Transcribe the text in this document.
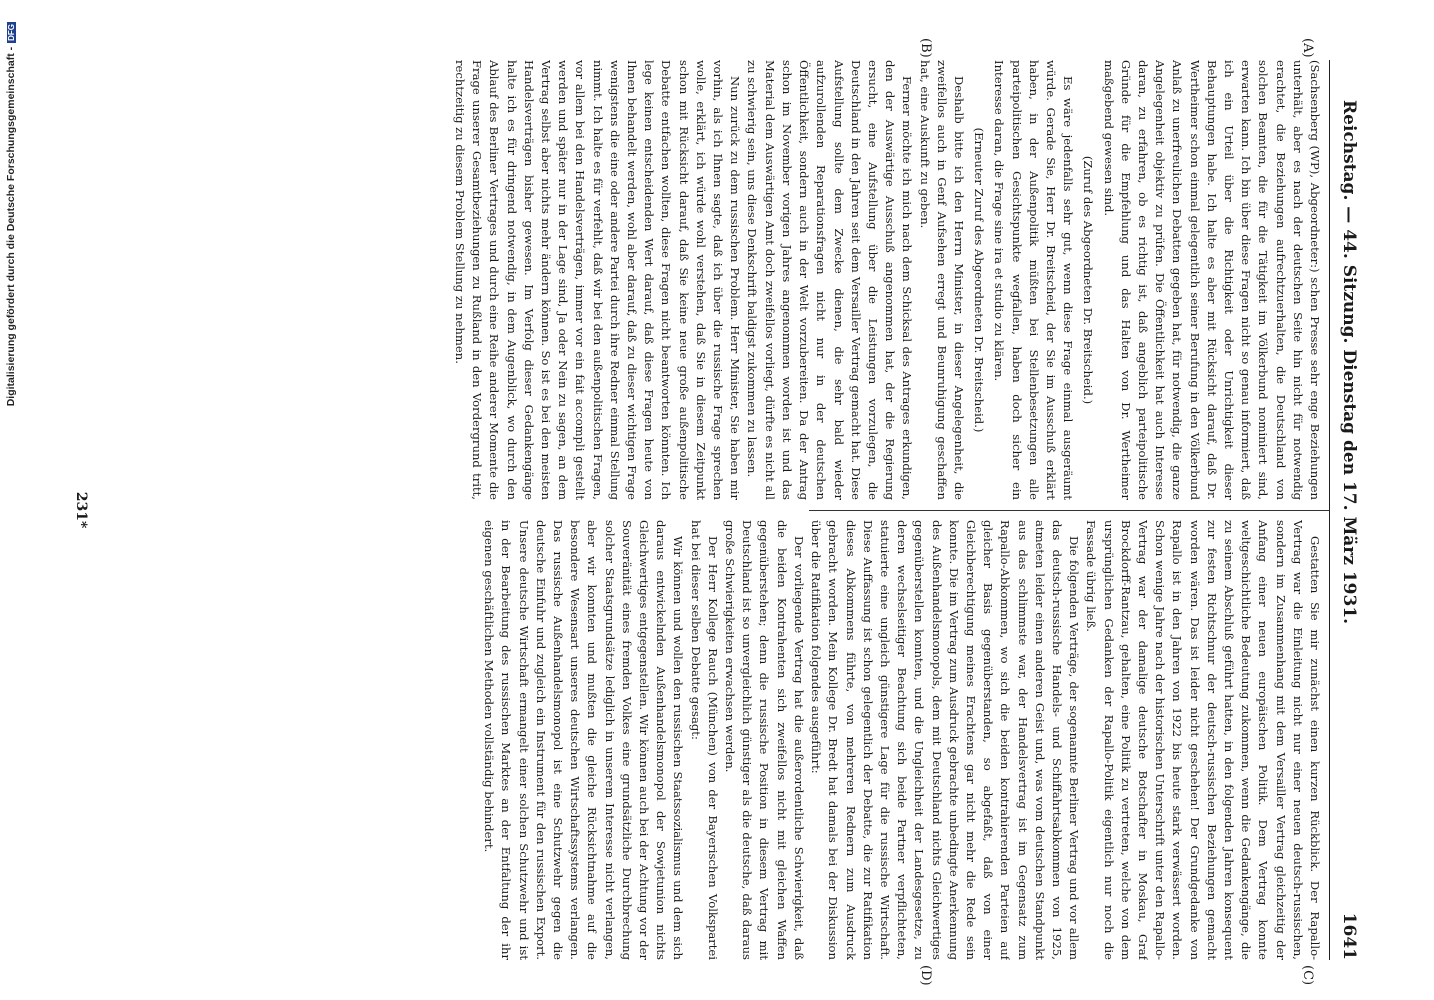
Reichstag. — 44. Sitzung. Dienstag den 17. März 1931.
1641
(A)
(B)
(C)
(D)

(Sachsenberg (WP), Abgeordneter:) schen Presse sehr enge Beziehungen unterhält, aber es nach der deutschen Seite hin nicht für notwendig erachtet, die Beziehungen aufrechtzuerhalten, die Deutschland von solchen Beamten, die für die Tätigkeit im Völkerbund nominiert sind, erwarten kann. Ich bin über diese Fragen nicht so genau informiert, daß ich ein Urteil über die Richtigkeit oder Unrichtigkeit dieser Behauptungen habe. Ich halte es aber mit Rücksicht darauf, daß Dr. Wertheimer schon einmal gelegentlich seiner Berufung in den Völkerbund Anlaß zu unerfreulichen Debatten gegeben hat, für notwendig, die ganze Angelegenheit objektiv zu prüfen. Die Öffentlichkeit hat auch Interesse daran, zu erfahren, ob es richtig ist, daß angeblich parteipolitische Gründe für die Empfehlung und das Halten von Dr. Wertheimer maßgebend gewesen sind.

(Zuruf des Abgeordneten Dr. Breitscheid.)

Es wäre jedenfalls sehr gut, wenn diese Frage einmal ausgeräumt würde. Gerade Sie, Herr Dr. Breitscheid, der Sie im Ausschuß erklärt haben, in der Außenpolitik müßten bei Stellenbesetzungen alle parteipolitischen Gesichtspunkte wegfallen, haben doch sicher ein Interesse daran, die Frage sine ira et studio zu klären.

(Erneuter Zuruf des Abgeordneten Dr. Breitscheid.)

Deshalb bitte ich den Herrn Minister, in dieser Angelegenheit, die zweifellos auch in Genf Aufsehen erregt und Beunruhigung geschaffen hat, eine Auskunft zu geben.

Ferner möchte ich mich nach dem Schicksal des Antrages erkundigen, den der Auswärtige Ausschuß angenommen hat, der die Regierung ersucht, eine Aufstellung über die Leistungen vorzulegen, die Deutschland in den Jahren seit dem Versailler Vertrag gemacht hat. Diese Aufstellung sollte dem Zwecke dienen, die sehr bald wieder aufzurollenden Reparationsfragen nicht nur in der deutschen Öffentlichkeit, sondern auch in der Welt vorzubereiten. Da der Antrag schon im November vorigen Jahres angenommen worden ist und das Material dem Auswärtigen Amt doch zweifellos vorliegt, dürfte es nicht all zu schwierig sein, uns diese Denkschrift baldigst zukommen zu lassen.

Nun zurück zu dem russischen Problem. Herr Minister, Sie haben mir vorhin, als ich Ihnen sagte, daß ich über die russische Frage sprechen wolle, erklärt, ich würde wohl verstehen, daß Sie in diesem Zeitpunkt schon mit Rücksicht darauf, daß Sie keine neue große außenpolitische Debatte entfachen wollten, diese Fragen nicht beantworten könnten. Ich lege keinen entscheidenden Wert darauf, daß diese Fragen heute von Ihnen behandelt werden, wohl aber darauf, daß zu dieser wichtigen Frage wenigstens die eine oder andere Partei durch ihre Redner einmal Stellung nimmt. Ich halte es für verfehlt, daß wir bei den außenpolitischen Fragen, vor allem bei den Handelsverträgen, immer vor ein fait accompli gestellt werden und später nur in der Lage sind, Ja oder Nein zu sagen, an dem Vertrag selbst aber nichts mehr ändern können. So ist es bei den meisten Handelsverträgen bisher gewesen. Im Verfolg dieser Gedankengänge halte ich es für dringend notwendig, in dem Augenblick, wo durch den Ablauf des Berliner Vertrages und durch eine Reihe anderer Momente die Frage unserer Gesamtbeziehungen zu Rußland in den Vordergrund tritt, rechtzeitig zu diesem Problem Stellung zu nehmen.

Gestatten Sie mir zunächst einen kurzen Rückblick. Der Rapallo-Vertrag war die Einleitung nicht nur einer neuen deutsch-russischen, sondern im Zusammenhang mit dem Versailler Vertrag gleichzeitig der Anfang einer neuen europäischen Politik. Dem Vertrag konnte weltgeschichtliche Bedeutung zukommen, wenn die Gedankengänge, die zu seinem Abschluß geführt hatten, in den folgenden Jahren konsequent zur festen Richtschnur der deutsch-russischen Beziehungen gemacht worden wären. Das ist leider nicht geschehen! Der Grundgedanke von Rapallo ist in den Jahren von 1922 bis heute stark verwässert worden. Schon wenige Jahre nach der historischen Unterschrift unter den Rapallo-Vertrag war der damalige deutsche Botschafter in Moskau, Graf Brockdorff-Rantzau, gehalten, eine Politik zu vertreten, welche von dem ursprünglichen Gedanken der Rapallo-Politik eigentlich nur noch die Fassade übrig ließ.

Die folgenden Verträge, der sogenannte Berliner Vertrag und vor allem das deutsch-russische Handels- und Schiffahrtsabkommen von 1925, atmeten leider einen anderen Geist und, was vom deutschen Standpunkt aus das schlimmste war, der Handelsvertrag ist im Gegensatz zum Rapallo-Abkommen, wo sich die beiden kontrahierenden Parteien auf gleicher Basis gegenüberstanden, so abgefaßt, daß von einer Gleichberechtigung meines Erachtens gar nicht mehr die Rede sein konnte. Die im Vertrag zum Ausdruck gebrachte unbedingte Anerkennung des Außenhandelsmonopols, dem mit Deutschland nichts Gleichwertiges gegenüberstellen konnten, und die Ungleichheit der Landesgesetze, zu deren wechselseitiger Beachtung sich beide Partner verpflichteten, statuierte eine ungleich günstigere Lage für die russische Wirtschaft. Diese Auffassung ist schon gelegentlich der Debatte, die zur Ratifikation dieses Abkommens führte, von mehreren Rednern zum Ausdruck gebracht worden. Mein Kollege Dr. Bredt hat damals bei der Diskussion über die Ratifikation folgendes ausgeführt:

Der vorliegende Vertrag hat die außerordentliche Schwierigkeit, daß die beiden Kontrahenten sich zweifellos nicht mit gleichen Waffen gegenüberstehen; denn die russische Position in diesem Vertrag mit Deutschland ist so unvergleichlich günstiger als die deutsche, daß daraus große Schwierigkeiten erwachsen werden.

Der Herr Kollege Rauch (München) von der Bayerischen Volkspartei hat bei dieser selben Debatte gesagt:

Wir können und wollen den russischen Staatssozialismus und dem sich daraus entwickelnden Außenhandelsmonopol der Sowjetunion nichts Gleichwertiges entgegenstellen. Wir können auch bei der Achtung vor der Souveränität eines fremden Volkes eine grundsätzliche Durchbrechung solcher Staatsgrundsätze lediglich in unserem Interesse nicht verlangen, aber wir konnten und mußten die gleiche Rücksichtnahme auf die besondere Wesensart unseres deutschen Wirtschaftssystems verlangen. Das russische Außenhandelsmonopol ist eine Schutzwehr gegen die deutsche Einfuhr und zugleich ein Instrument für den russischen Export. Unsere deutsche Wirtschaft ermangelt einer solchen Schutzwehr und ist in der Bearbeitung des russischen Marktes an der Entfaltung der ihr eigenen geschäftlichen Methoden vollständig behindert.

231*
Digitalisierung gefördert durch die Deutsche Forschungsgemeinschaft -DFG
